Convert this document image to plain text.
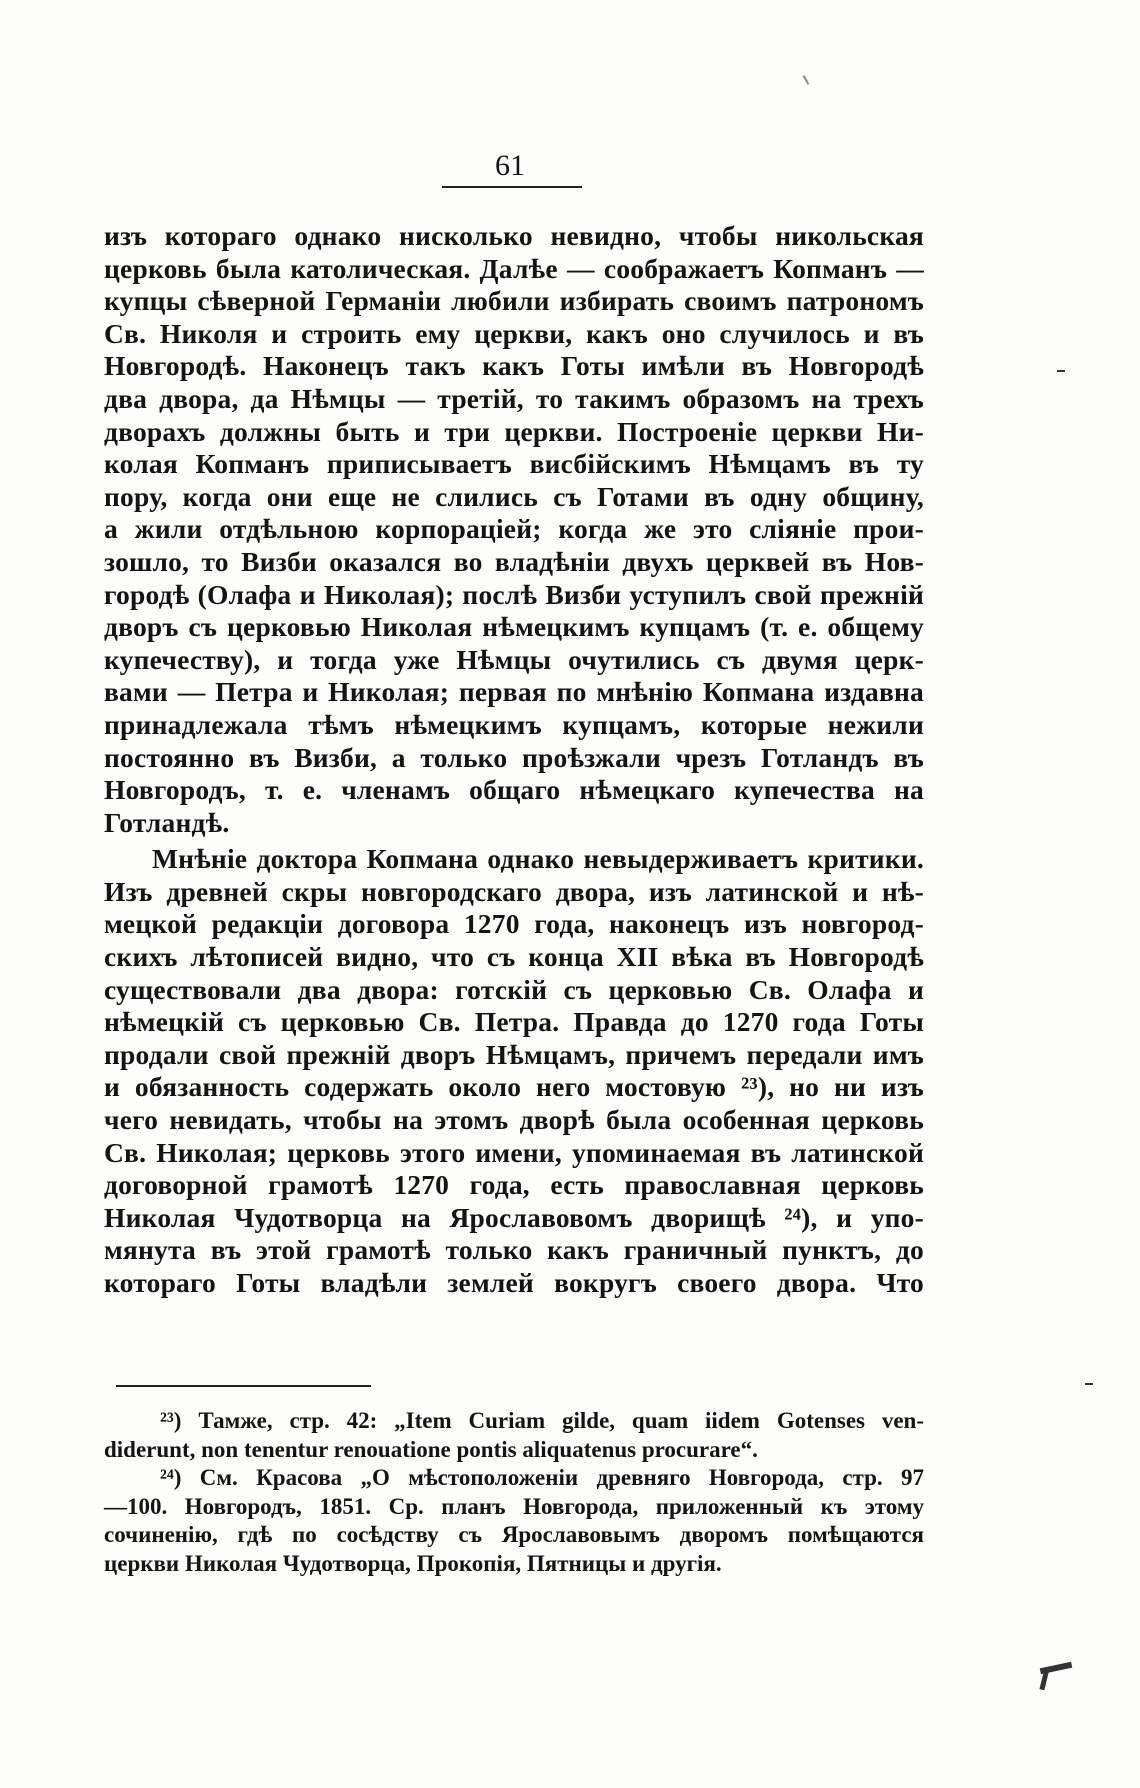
61
изъ котораго однако нисколько невидно, чтобы никольская
церковь была католическая. Далѣе — соображаетъ Копманъ —
купцы сѣверной Германіи любили избирать своимъ патрономъ
Св. Николя и строить ему церкви, какъ оно случилось и въ
Новгородѣ. Наконецъ такъ какъ Готы имѣли въ Новгородѣ
два двора, да Нѣмцы — третій, то такимъ образомъ на трехъ
дворахъ должны быть и три церкви. Построеніе церкви Ни-
колая Копманъ приписываетъ висбійскимъ Нѣмцамъ въ ту
пору, когда они еще не слились съ Готами въ одну общину,
а жили отдѣльною корпораціей; когда же это сліяніе прои-
зошло, то Визби оказался во владѣніи двухъ церквей въ Нов-
городѣ (Олафа и Николая); послѣ Визби уступилъ свой прежній
дворъ съ церковью Николая нѣмецкимъ купцамъ (т. е. общему
купечеству), и тогда уже Нѣмцы очутились съ двумя церк-
вами — Петра и Николая; первая по мнѣнію Копмана издавна
принадлежала тѣмъ нѣмецкимъ купцамъ, которые нежили
постоянно въ Визби, а только проѣзжали чрезъ Готландъ въ
Новгородъ, т. е. членамъ общаго нѣмецкаго купечества на
Готландѣ.
Мнѣніе доктора Копмана однако невыдерживаетъ критики.
Изъ древней скры новгородскаго двора, изъ латинской и нѣ-
мецкой редакціи договора 1270 года, наконецъ изъ новгород-
скихъ лѣтописей видно, что съ конца XII вѣка въ Новгородѣ
существовали два двора: готскій съ церковью Св. Олафа и
нѣмецкій съ церковью Св. Петра. Правда до 1270 года Готы
продали свой прежній дворъ Нѣмцамъ, причемъ передали имъ
и обязанность содержать около него мостовую ²³), но ни изъ
чего невидать, чтобы на этомъ дворѣ была особенная церковь
Св. Николая; церковь этого имени, упоминаемая въ латинской
договорной грамотѣ 1270 года, есть православная церковь
Николая Чудотворца на Ярославовомъ дворищѣ ²⁴), и упо-
мянута въ этой грамотѣ только какъ граничный пунктъ, до
котораго Готы владѣли землей вокругъ своего двора. Что
²³) Тамже, стр. 42: „Item Curiam gilde, quam iidem Gotenses ven-
diderunt, non tenentur renouatione pontis aliquatenus procurare“.
²⁴) См. Красова „О мѣстоположеніи древняго Новгорода, стр. 97
—100. Новгородъ, 1851. Ср. планъ Новгорода, приложенный къ этому
сочиненію, гдѣ по сосѣдству съ Ярославовымъ дворомъ помѣщаются
церкви Николая Чудотворца, Прокопія, Пятницы и другія.
